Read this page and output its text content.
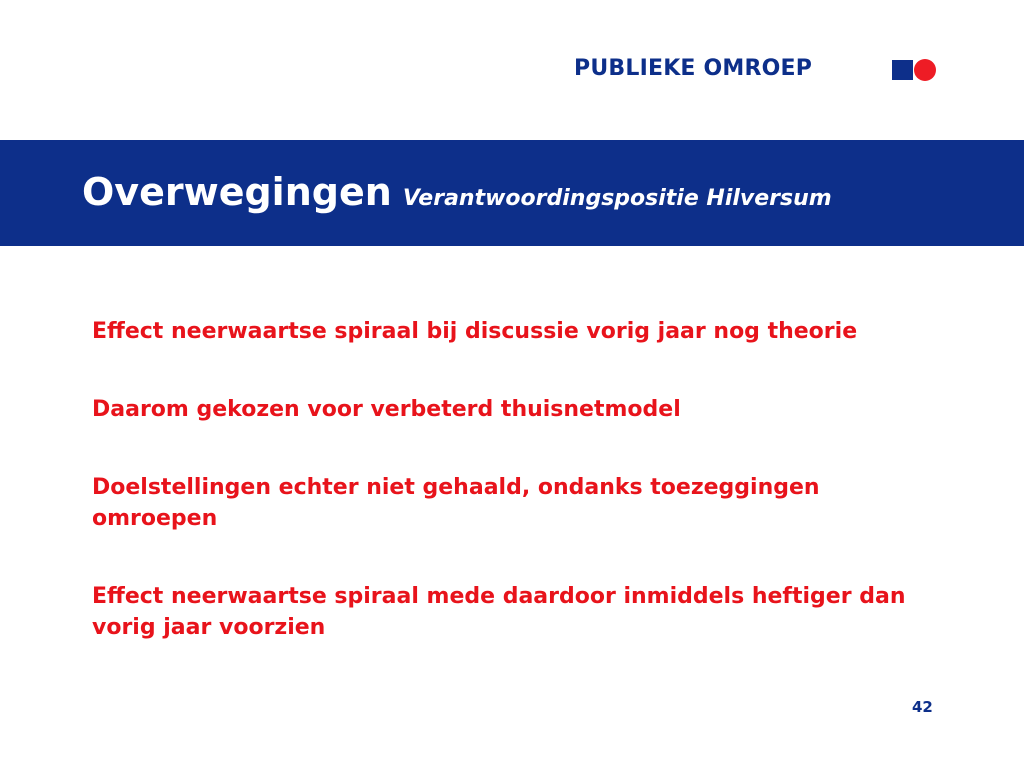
PUBLIEKE OMROEP
Overwegingen Verantwoordingspositie Hilversum
Effect neerwaartse spiraal bij discussie vorig jaar nog theorie
Daarom gekozen voor verbeterd thuisnetmodel
Doelstellingen echter niet gehaald, ondanks toezeggingen omroepen
Effect neerwaartse spiraal mede daardoor inmiddels heftiger dan vorig jaar voorzien
42
